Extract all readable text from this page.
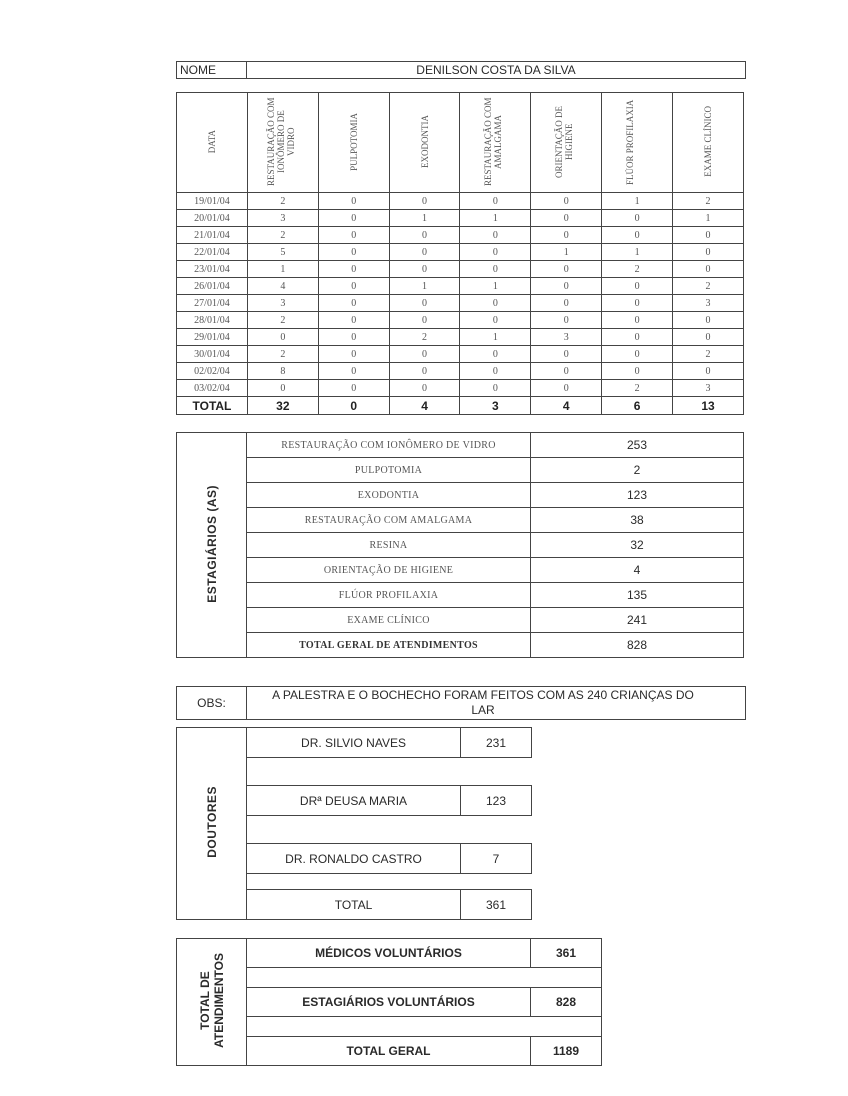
NOME	DENILSON COSTA DA SILVA
DATA	RESTAURAÇÃO COM IONÔMERO DE VIDRO	PULPOTOMIA	EXODONTIA	RESTAURAÇÃO COM AMALGAMA	ORIENTAÇÃO DE HIGIENE	FLÚOR PROFILAXIA	EXAME CLÍNICO
19/01/04	2	0	0	0	0	1	2
20/01/04	3	0	1	1	0	0	1
21/01/04	2	0	0	0	0	0	0
22/01/04	5	0	0	0	1	1	0
23/01/04	1	0	0	0	0	2	0
26/01/04	4	0	1	1	0	0	2
27/01/04	3	0	0	0	0	0	3
28/01/04	2	0	0	0	0	0	0
29/01/04	0	0	2	1	3	0	0
30/01/04	2	0	0	0	0	0	2
02/02/04	8	0	0	0	0	0	0
03/02/04	0	0	0	0	0	2	3
TOTAL	32	0	4	3	4	6	13
ESTAGIÁRIOS (AS)	RESTAURAÇÃO COM IONÔMERO DE VIDRO	253
	PULPOTOMIA	2
	EXODONTIA	123
	RESTAURAÇÃO COM AMALGAMA	38
	RESINA	32
	ORIENTAÇÃO DE HIGIENE	4
	FLÚOR PROFILAXIA	135
	EXAME CLÍNICO	241
	TOTAL GERAL DE ATENDIMENTOS	828
OBS:	A PALESTRA E O BOCHECHO FORAM FEITOS COM AS 240 CRIANÇAS DO LAR
DOUTORES	DR. SILVIO NAVES	231

	DRª DEUSA MARIA	123

	DR. RONALDO CASTRO	7

	TOTAL	361
TOTAL DE
ATENDIMENTOS	MÉDICOS VOLUNTÁRIOS	361

	ESTAGIÁRIOS VOLUNTÁRIOS	828

	TOTAL GERAL	1189
